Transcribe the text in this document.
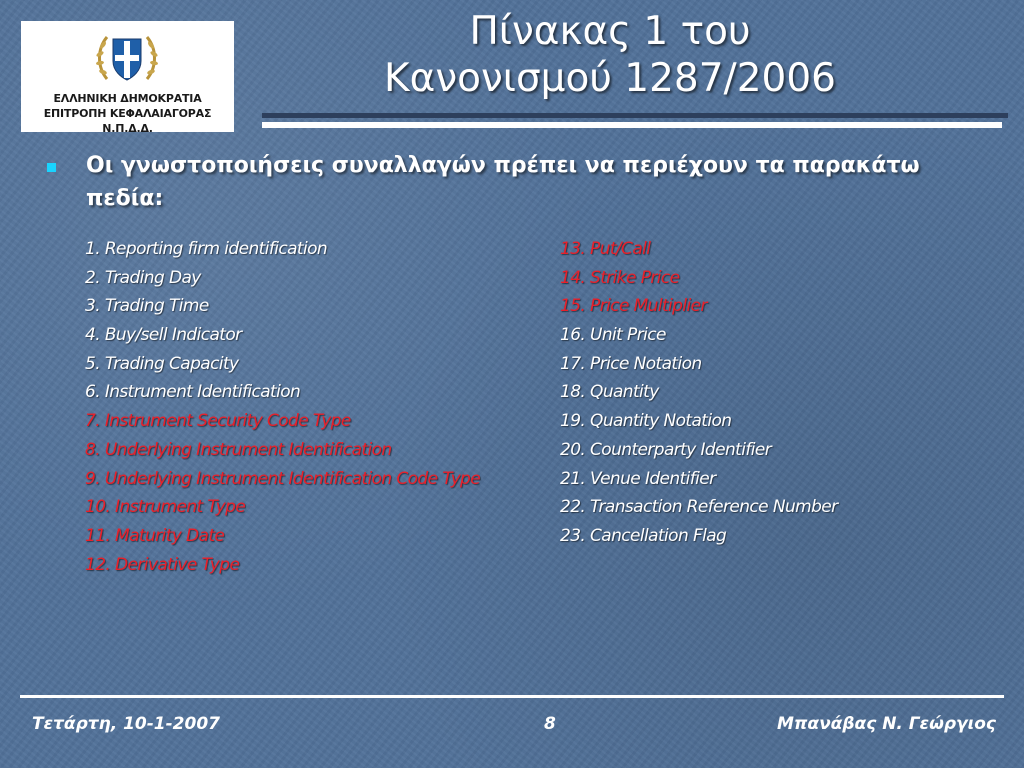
ΕΛΛΗΝΙΚΗ ΔΗΜΟΚΡΑΤΙΑ
ΕΠΙΤΡΟΠΗ ΚΕΦΑΛΑΙΑΓΟΡΑΣ
Ν.Π.Δ.Δ.
Πίνακας 1 του
Κανονισμού 1287/2006
Οι γνωστοποιήσεις συναλλαγών πρέπει να περιέχουν τα παρακάτω πεδία:
1. Reporting firm identification
2. Trading Day
3. Trading Time
4. Buy/sell Indicator
5. Trading Capacity
6. Instrument Identification
7. Instrument Security Code Type
8. Underlying Instrument Identification
9. Underlying Instrument Identification Code Type
10. Instrument Type
11. Maturity Date
12. Derivative Type
13. Put/Call
14. Strike Price
15. Price Multiplier
16. Unit Price
17. Price Notation
18. Quantity
19. Quantity Notation
20. Counterparty Identifier
21. Venue Identifier
22. Transaction Reference Number
23. Cancellation Flag
Τετάρτη, 10-1-2007	8	Μπανάβας Ν. Γεώργιος
